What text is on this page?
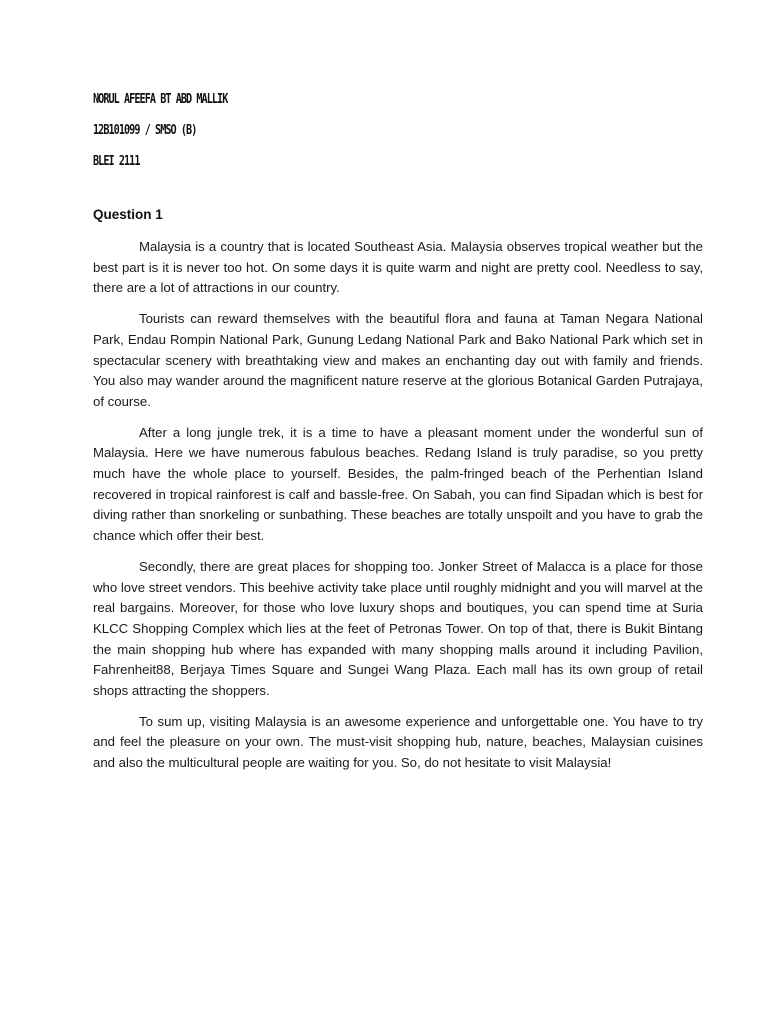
NORUL AFEEFA BT ABD MALLIK
12B101099 / SMSO (B)
BLEI 2111
Question 1

Malaysia is a country that is located Southeast Asia. Malaysia observes tropical weather but the best part is it is never too hot. On some days it is quite warm and night are pretty cool. Needless to say, there are a lot of attractions in our country.

Tourists can reward themselves with the beautiful flora and fauna at Taman Negara National Park, Endau Rompin National Park, Gunung Ledang National Park and Bako National Park which set in spectacular scenery with breathtaking view and makes an enchanting day out with family and friends. You also may wander around the magnificent nature reserve at the glorious Botanical Garden Putrajaya, of course.

After a long jungle trek, it is a time to have a pleasant moment under the wonderful sun of Malaysia. Here we have numerous fabulous beaches. Redang Island is truly paradise, so you pretty much have the whole place to yourself. Besides, the palm-fringed beach of the Perhentian Island recovered in tropical rainforest is calf and bassle-free. On Sabah, you can find Sipadan which is best for diving rather than snorkeling or sunbathing. These beaches are totally unspoilt and you have to grab the chance which offer their best.

Secondly, there are great places for shopping too. Jonker Street of Malacca is a place for those who love street vendors. This beehive activity take place until roughly midnight and you will marvel at the real bargains. Moreover, for those who love luxury shops and boutiques, you can spend time at Suria KLCC Shopping Complex which lies at the feet of Petronas Tower. On top of that, there is Bukit Bintang the main shopping hub where has expanded with many shopping malls around it including Pavilion, Fahrenheit88, Berjaya Times Square and Sungei Wang Plaza. Each mall has its own group of retail shops attracting the shoppers.

To sum up, visiting Malaysia is an awesome experience and unforgettable one. You have to try and feel the pleasure on your own. The must-visit shopping hub, nature, beaches, Malaysian cuisines and also the multicultural people are waiting for you. So, do not hesitate to visit Malaysia!
